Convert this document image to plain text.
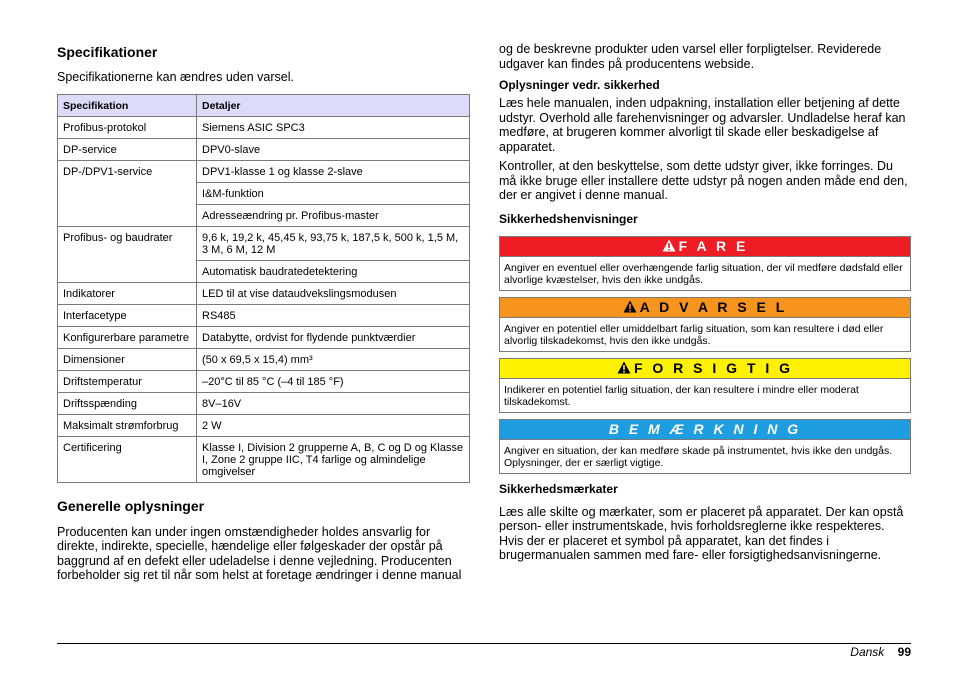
Specifikationer

Specifikationerne kan ændres uden varsel.

Specifikation	Detaljer
Profibus-protokol	Siemens ASIC SPC3
DP-service	DPV0-slave
DP-/DPV1-service	DPV1-klasse 1 og klasse 2-slave
	I&M-funktion
	Adresseændring pr. Profibus-master
Profibus- og baudrater	9,6 k, 19,2 k, 45,45 k, 93,75 k, 187,5 k, 500 k, 1,5 M, 3 M, 6 M, 12 M
	Automatisk baudratedetektering
Indikatorer	LED til at vise dataudvekslingsmodusen
Interfacetype	RS485
Konfigurerbare parametre	Databytte, ordvist for flydende punktværdier
Dimensioner	(50 x 69,5 x 15,4) mm³
Driftstemperatur	–20°C til 85 °C (–4 til 185 °F)
Driftsspænding	8V–16V
Maksimalt strømforbrug	2 W
Certificering	Klasse I, Division 2 grupperne A, B, C og D og Klasse I, Zone 2 gruppe IIC, T4 farlige og almindelige omgivelser
Generelle oplysninger

Producenten kan under ingen omstændigheder holdes ansvarlig for direkte, indirekte, specielle, hændelige eller følgeskader der opstår på baggrund af en defekt eller udeladelse i denne vejledning. Producenten forbeholder sig ret til når som helst at foretage ændringer i denne manual

og de beskrevne produkter uden varsel eller forpligtelser. Reviderede udgaver kan findes på producentens webside.

Oplysninger vedr. sikkerhed

Læs hele manualen, inden udpakning, installation eller betjening af dette udstyr. Overhold alle farehenvisninger og advarsler. Undladelse heraf kan medføre, at brugeren kommer alvorligt til skade eller beskadigelse af apparatet.

Kontroller, at den beskyttelse, som dette udstyr giver, ikke forringes. Du må ikke bruge eller installere dette udstyr på nogen anden måde end den, der er angivet i denne manual.

Sikkerhedshenvisninger
F A R E
Angiver en eventuel eller overhængende farlig situation, der vil medføre dødsfald eller alvorlige kvæstelser, hvis den ikke undgås.
A D V A R S E L
Angiver en potentiel eller umiddelbart farlig situation, som kan resultere i død eller alvorlig tilskadekomst, hvis den ikke undgås.
F O R S I G T I G
Indikerer en potentiel farlig situation, der kan resultere i mindre eller moderat tilskadekomst.
B E M Æ R K N I N G
Angiver en situation, der kan medføre skade på instrumentet, hvis ikke den undgås. Oplysninger, der er særligt vigtige.
Sikkerhedsmærkater

Læs alle skilte og mærkater, som er placeret på apparatet. Der kan opstå person- eller instrumentskade, hvis forholdsreglerne ikke respekteres. Hvis der er placeret et symbol på apparatet, kan det findes i brugermanualen sammen med fare- eller forsigtighedsanvisningerne.

Dansk 99
